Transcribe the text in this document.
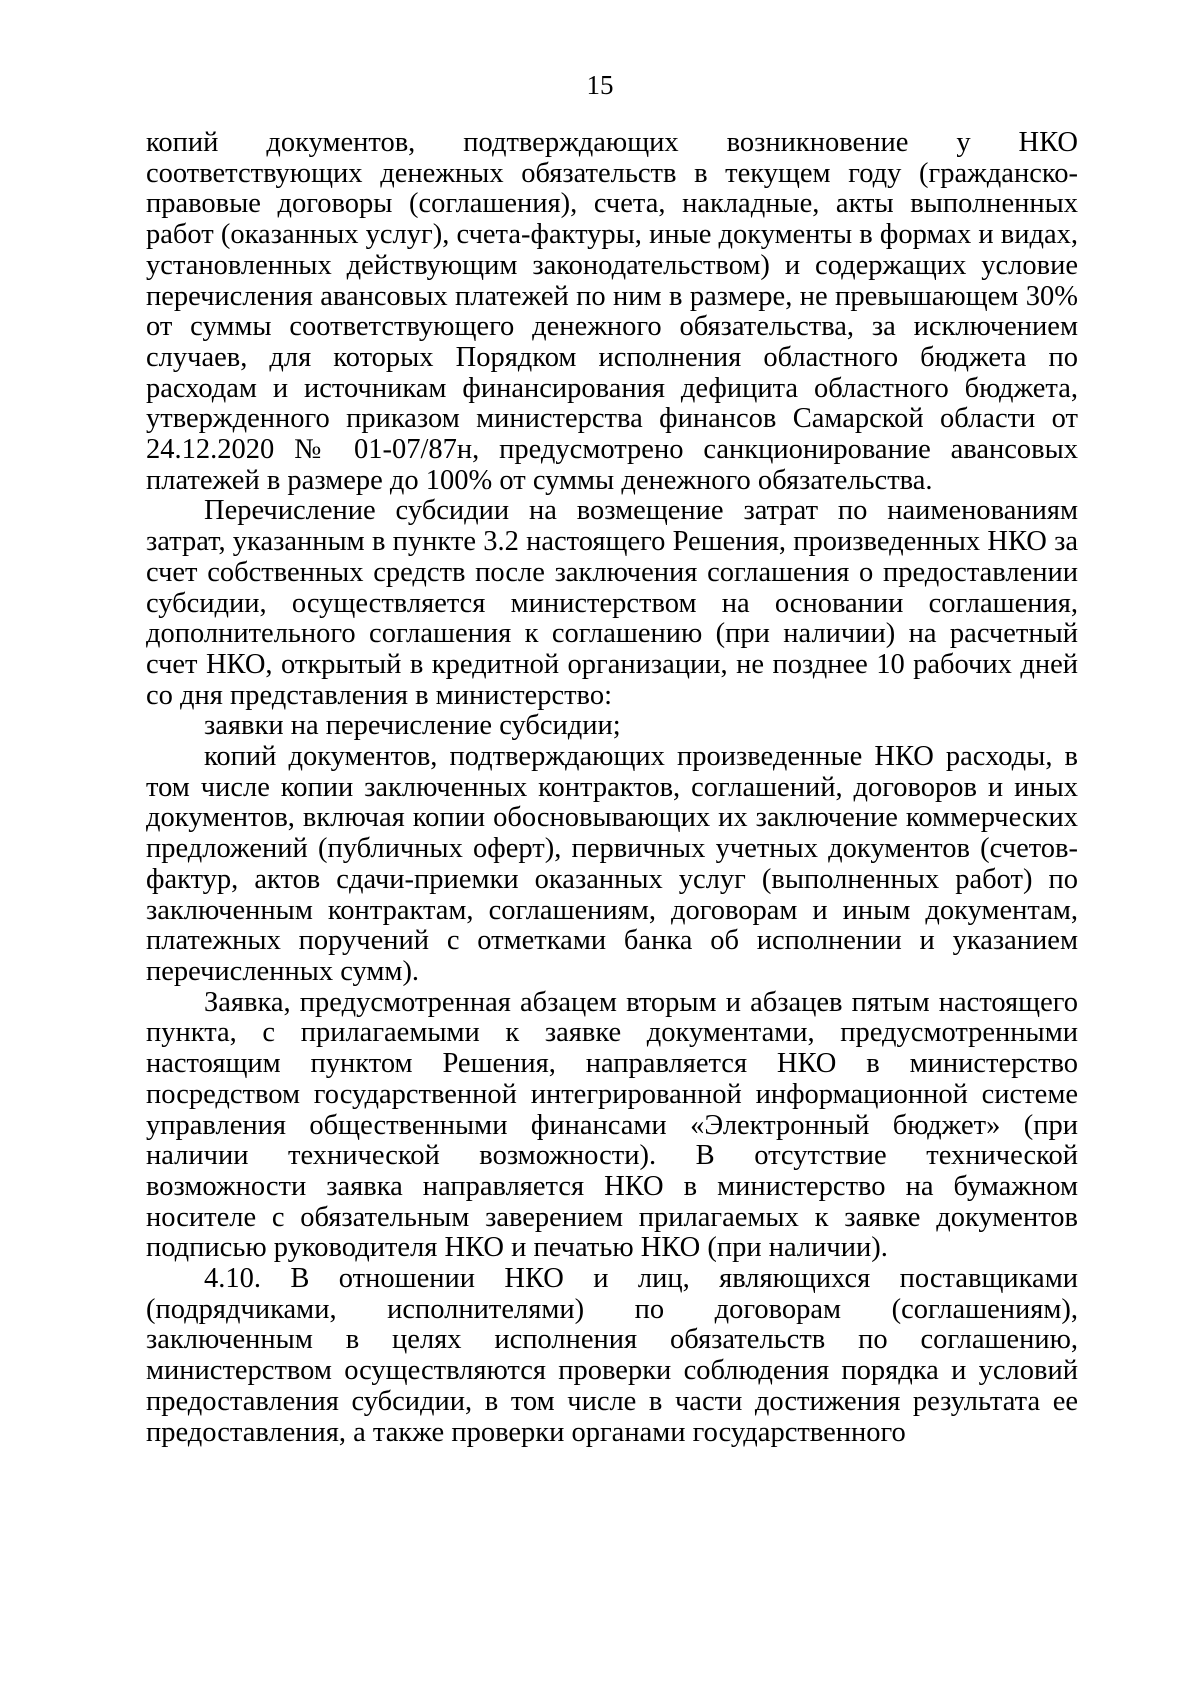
15

копий документов, подтверждающих возникновение у НКО соответствующих денежных обязательств в текущем году (гражданско-правовые договоры (соглашения), счета, накладные, акты выполненных работ (оказанных услуг), счета-фактуры, иные документы в формах и видах, установленных действующим законодательством) и содержащих условие перечисления авансовых платежей по ним в размере, не превышающем 30% от суммы соответствующего денежного обязательства, за исключением случаев, для которых Порядком исполнения областного бюджета по расходам и источникам финансирования дефицита областного бюджета, утвержденного приказом министерства финансов Самарской области от 24.12.2020 № 01-07/87н, предусмотрено санкционирование авансовых платежей в размере до 100% от суммы денежного обязательства.

Перечисление субсидии на возмещение затрат по наименованиям затрат, указанным в пункте 3.2 настоящего Решения, произведенных НКО за счет собственных средств после заключения соглашения о предоставлении субсидии, осуществляется министерством на основании соглашения, дополнительного соглашения к соглашению (при наличии) на расчетный счет НКО, открытый в кредитной организации, не позднее 10 рабочих дней со дня представления в министерство:

заявки на перечисление субсидии;

копий документов, подтверждающих произведенные НКО расходы, в том числе копии заключенных контрактов, соглашений, договоров и иных документов, включая копии обосновывающих их заключение коммерческих предложений (публичных оферт), первичных учетных документов (счетов-фактур, актов сдачи-приемки оказанных услуг (выполненных работ) по заключенным контрактам, соглашениям, договорам и иным документам, платежных поручений с отметками банка об исполнении и указанием перечисленных сумм).

Заявка, предусмотренная абзацем вторым и абзацев пятым настоящего пункта, с прилагаемыми к заявке документами, предусмотренными настоящим пунктом Решения, направляется НКО в министерство посредством государственной интегрированной информационной системе управления общественными финансами «Электронный бюджет» (при наличии технической возможности). В отсутствие технической возможности заявка направляется НКО в министерство на бумажном носителе с обязательным заверением прилагаемых к заявке документов подписью руководителя НКО и печатью НКО (при наличии).

4.10. В отношении НКО и лиц, являющихся поставщиками (подрядчиками, исполнителями) по договорам (соглашениям), заключенным в целях исполнения обязательств по соглашению, министерством осуществляются проверки соблюдения порядка и условий предоставления субсидии, в том числе в части достижения результата ее предоставления, а также проверки органами государственного
